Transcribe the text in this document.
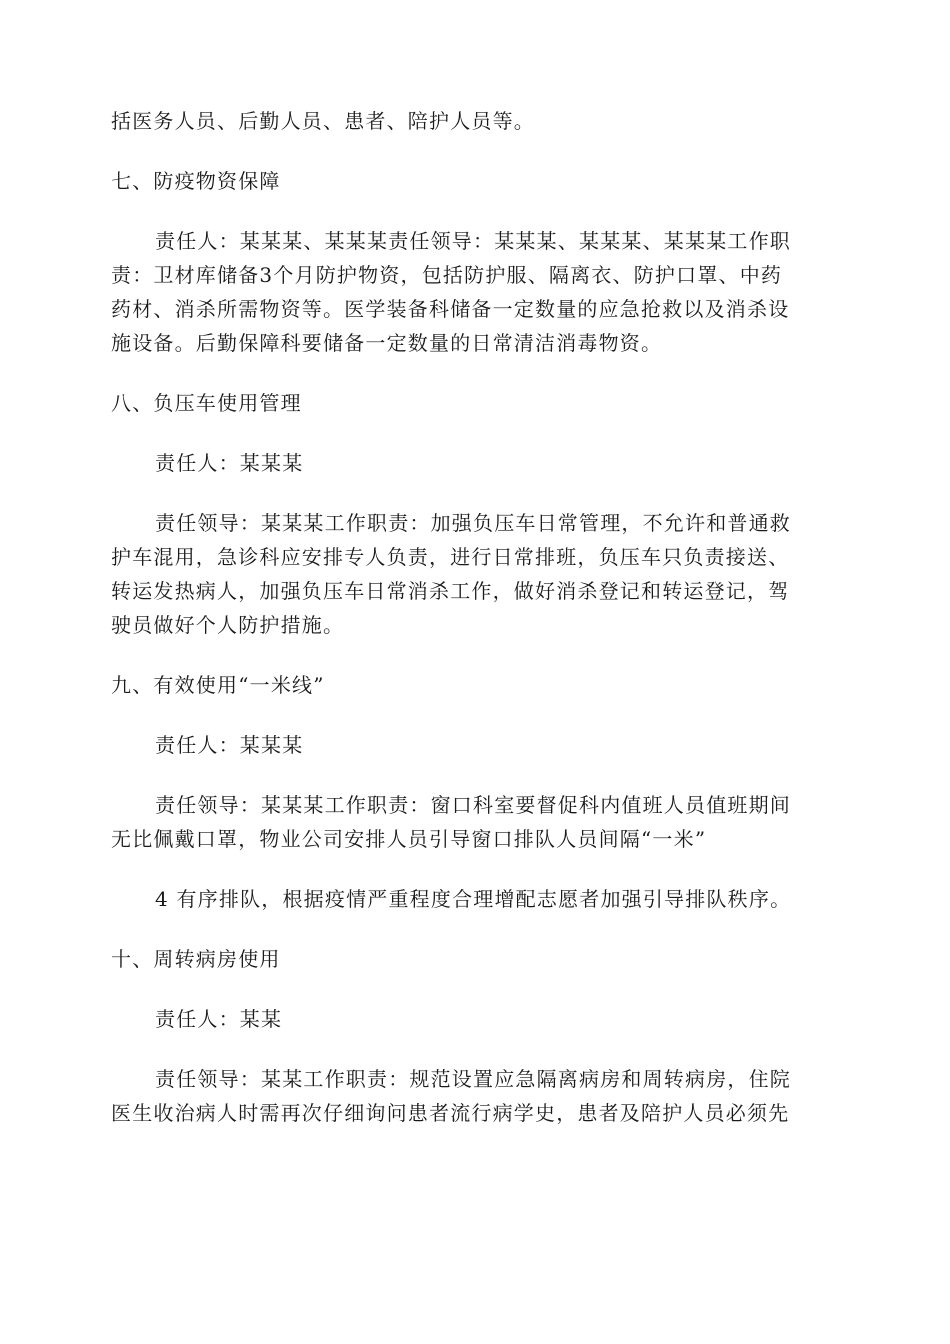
括医务人员、后勤人员、患者、陪护人员等。
七、防疫物资保障
责任人：某某某、某某某责任领导：某某某、某某某、某某某工作职
责：卫材库储备3个月防护物资，包括防护服、隔离衣、防护口罩、中药
药材、消杀所需物资等。医学装备科储备一定数量的应急抢救以及消杀设
施设备。后勤保障科要储备一定数量的日常清洁消毒物资。
八、负压车使用管理
责任人：某某某
责任领导：某某某工作职责：加强负压车日常管理，不允许和普通救
护车混用，急诊科应安排专人负责，进行日常排班，负压车只负责接送、
转运发热病人，加强负压车日常消杀工作，做好消杀登记和转运登记，驾
驶员做好个人防护措施。
九、有效使用“一米线”
责任人：某某某
责任领导：某某某工作职责：窗口科室要督促科内值班人员值班期间
无比佩戴口罩，物业公司安排人员引导窗口排队人员间隔“一米”
4 有序排队，根据疫情严重程度合理增配志愿者加强引导排队秩序。
十、周转病房使用
责任人：某某
责任领导：某某工作职责：规范设置应急隔离病房和周转病房，住院
医生收治病人时需再次仔细询问患者流行病学史，患者及陪护人员必须先
